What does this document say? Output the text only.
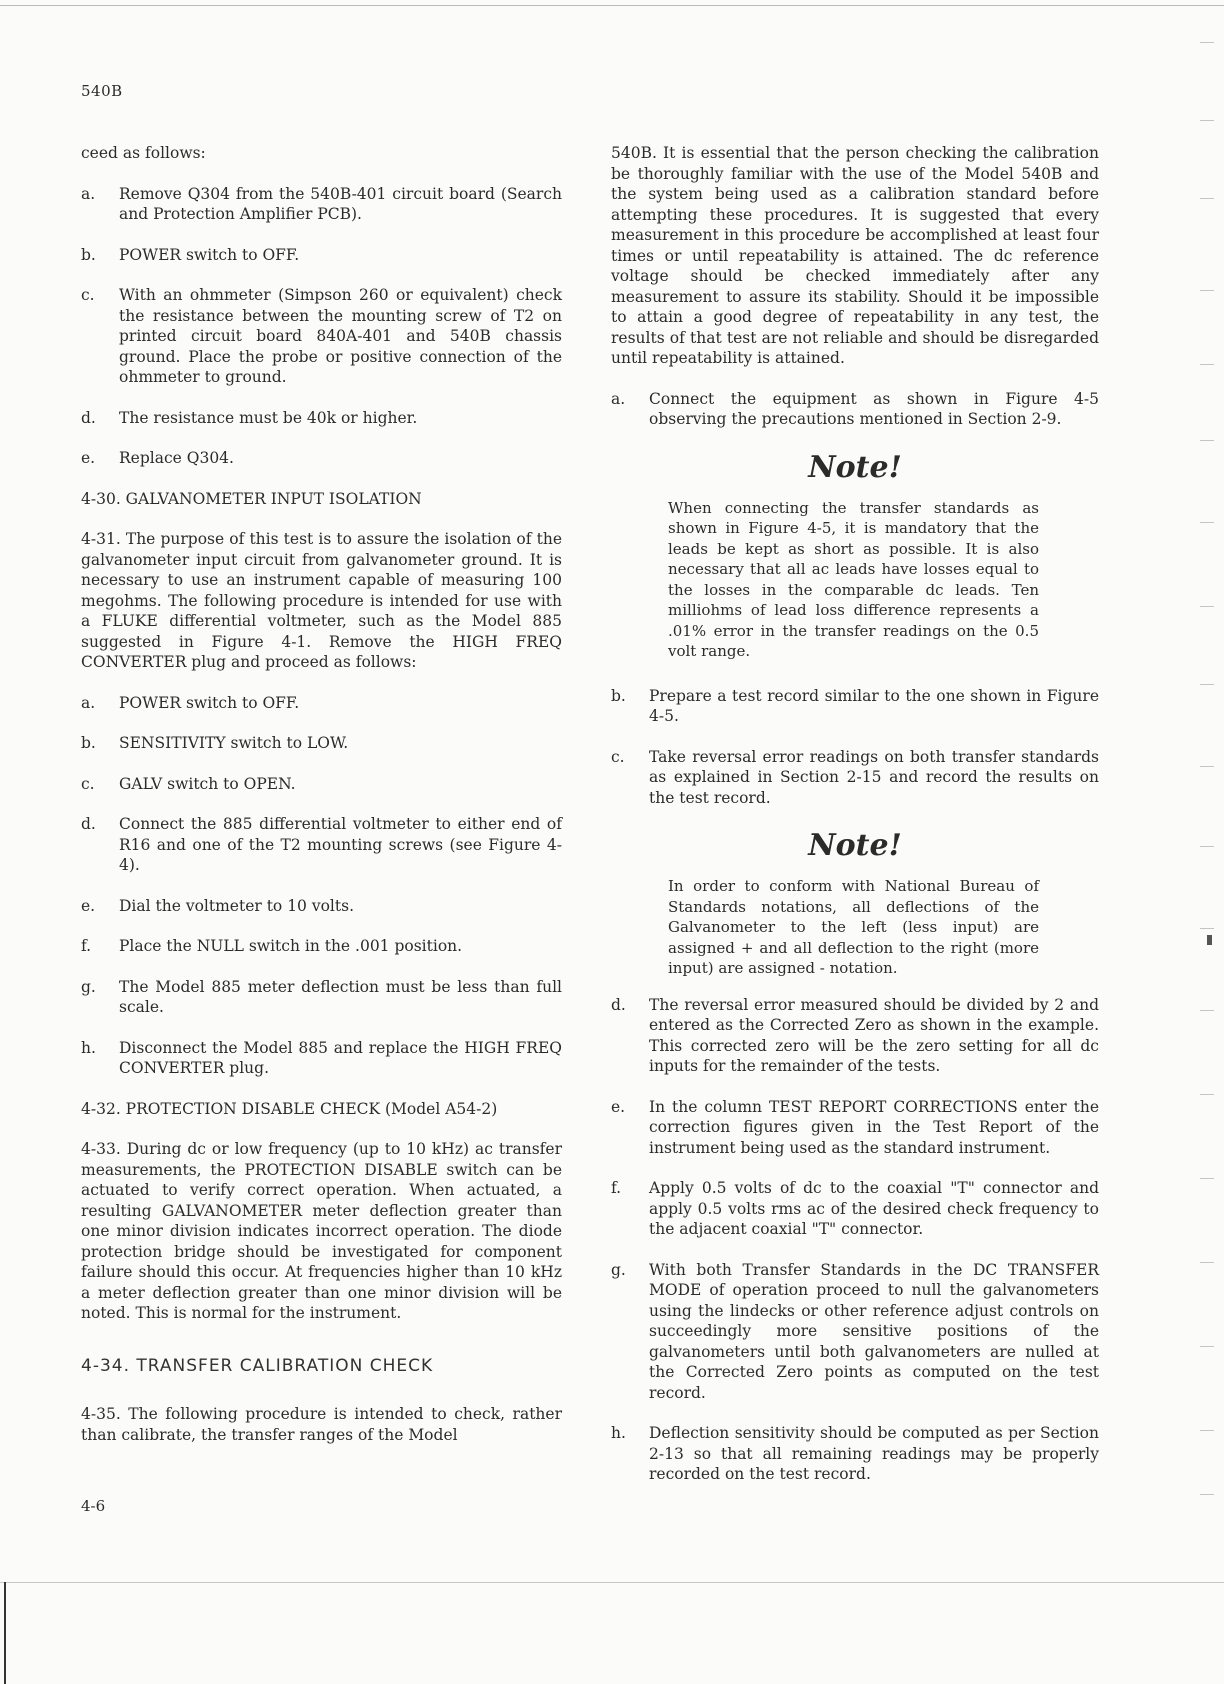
540B

ceed as follows:

a.	Remove Q304 from the 540B-401 circuit board (Search and Protection Amplifier PCB).
b.	POWER switch to OFF.
c.	With an ohmmeter (Simpson 260 or equivalent) check the resistance between the mounting screw of T2 on printed circuit board 840A-401 and 540B chassis ground. Place the probe or positive connection of the ohmmeter to ground.
d.	The resistance must be 40k or higher.
e.	Replace Q304.
4-30. GALVANOMETER INPUT ISOLATION

4-31. The purpose of this test is to assure the isolation of the galvanometer input circuit from galvanometer ground. It is necessary to use an instrument capable of measuring 100 megohms. The following procedure is intended for use with a FLUKE differential voltmeter, such as the Model 885 suggested in Figure 4-1. Remove the HIGH FREQ CONVERTER plug and proceed as follows:

a.	POWER switch to OFF.
b.	SENSITIVITY switch to LOW.
c.	GALV switch to OPEN.
d.	Connect the 885 differential voltmeter to either end of R16 and one of the T2 mounting screws (see Figure 4-4).
e.	Dial the voltmeter to 10 volts.
f.	Place the NULL switch in the .001 position.
g.	The Model 885 meter deflection must be less than full scale.
h.	Disconnect the Model 885 and replace the HIGH FREQ CONVERTER plug.
4-32. PROTECTION DISABLE CHECK (Model A54-2)

4-33. During dc or low frequency (up to 10 kHz) ac transfer measurements, the PROTECTION DISABLE switch can be actuated to verify correct operation. When actuated, a resulting GALVANOMETER meter deflection greater than one minor division indicates incorrect operation. The diode protection bridge should be investigated for component failure should this occur. At frequencies higher than 10 kHz a meter deflection greater than one minor division will be noted. This is normal for the instrument.

4-34. TRANSFER CALIBRATION CHECK

4-35. The following procedure is intended to check, rather than calibrate, the transfer ranges of the Model

540B. It is essential that the person checking the calibration be thoroughly familiar with the use of the Model 540B and the system being used as a calibration standard before attempting these procedures. It is suggested that every measurement in this procedure be accomplished at least four times or until repeatability is attained. The dc reference voltage should be checked immediately after any measurement to assure its stability. Should it be impossible to attain a good degree of repeatability in any test, the results of that test are not reliable and should be disregarded until repeatability is attained.

a.	Connect the equipment as shown in Figure 4-5 observing the precautions mentioned in Section 2-9.
Note!
When connecting the transfer standards as shown in Figure 4-5, it is mandatory that the leads be kept as short as possible. It is also necessary that all ac leads have losses equal to the losses in the comparable dc leads. Ten milliohms of lead loss difference represents a .01% error in the transfer readings on the 0.5 volt range.
b.	Prepare a test record similar to the one shown in Figure 4-5.
c.	Take reversal error readings on both transfer standards as explained in Section 2-15 and record the results on the test record.
Note!
In order to conform with National Bureau of Standards notations, all deflections of the Galvanometer to the left (less input) are assigned + and all deflection to the right (more input) are assigned - notation.
d.	The reversal error measured should be divided by 2 and entered as the Corrected Zero as shown in the example. This corrected zero will be the zero setting for all dc inputs for the remainder of the tests.
e.	In the column TEST REPORT CORRECTIONS enter the correction figures given in the Test Report of the instrument being used as the standard instrument.
f.	Apply 0.5 volts of dc to the coaxial "T" connector and apply 0.5 volts rms ac of the desired check frequency to the adjacent coaxial "T" connector.
g.	With both Transfer Standards in the DC TRANSFER MODE of operation proceed to null the galvanometers using the lindecks or other reference adjust controls on succeedingly more sensitive positions of the galvanometers until both galvanometers are nulled at the Corrected Zero points as computed on the test record.
h.	Deflection sensitivity should be computed as per Section 2-13 so that all remaining readings may be properly recorded on the test record.
4-6
